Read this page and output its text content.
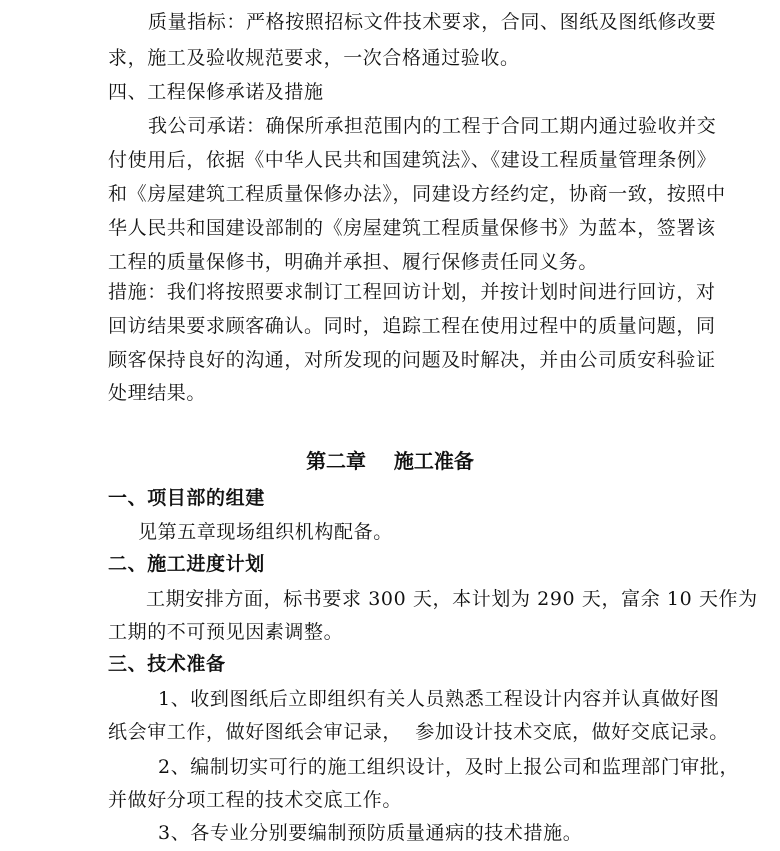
质量指标：严格按照招标文件技术要求，合同、图纸及图纸修改要
求，施工及验收规范要求，一次合格通过验收。
四、工程保修承诺及措施
我公司承诺：确保所承担范围内的工程于合同工期内通过验收并交
付使用后，依据《中华人民共和国建筑法》、《建设工程质量管理条例》
和《房屋建筑工程质量保修办法》，同建设方经约定，协商一致，按照中
华人民共和国建设部制的《房屋建筑工程质量保修书》为蓝本，签署该
工程的质量保修书，明确并承担、履行保修责任同义务。
措施：我们将按照要求制订工程回访计划，并按计划时间进行回访，对
回访结果要求顾客确认。同时，追踪工程在使用过程中的质量问题，同
顾客保持良好的沟通，对所发现的问题及时解决，并由公司质安科验证
处理结果。
第二章    施工准备
一、项目部的组建
见第五章现场组织机构配备。
二、施工进度计划
工期安排方面，标书要求 300 天，本计划为 290 天，富余 10 天作为
工期的不可预见因素调整。
三、技术准备
1、收到图纸后立即组织有关人员熟悉工程设计内容并认真做好图
纸会审工作，做好图纸会审记录，  参加设计技术交底，做好交底记录。
2、编制切实可行的施工组织设计，及时上报公司和监理部门审批，
并做好分项工程的技术交底工作。
3、各专业分别要编制预防质量通病的技术措施。
